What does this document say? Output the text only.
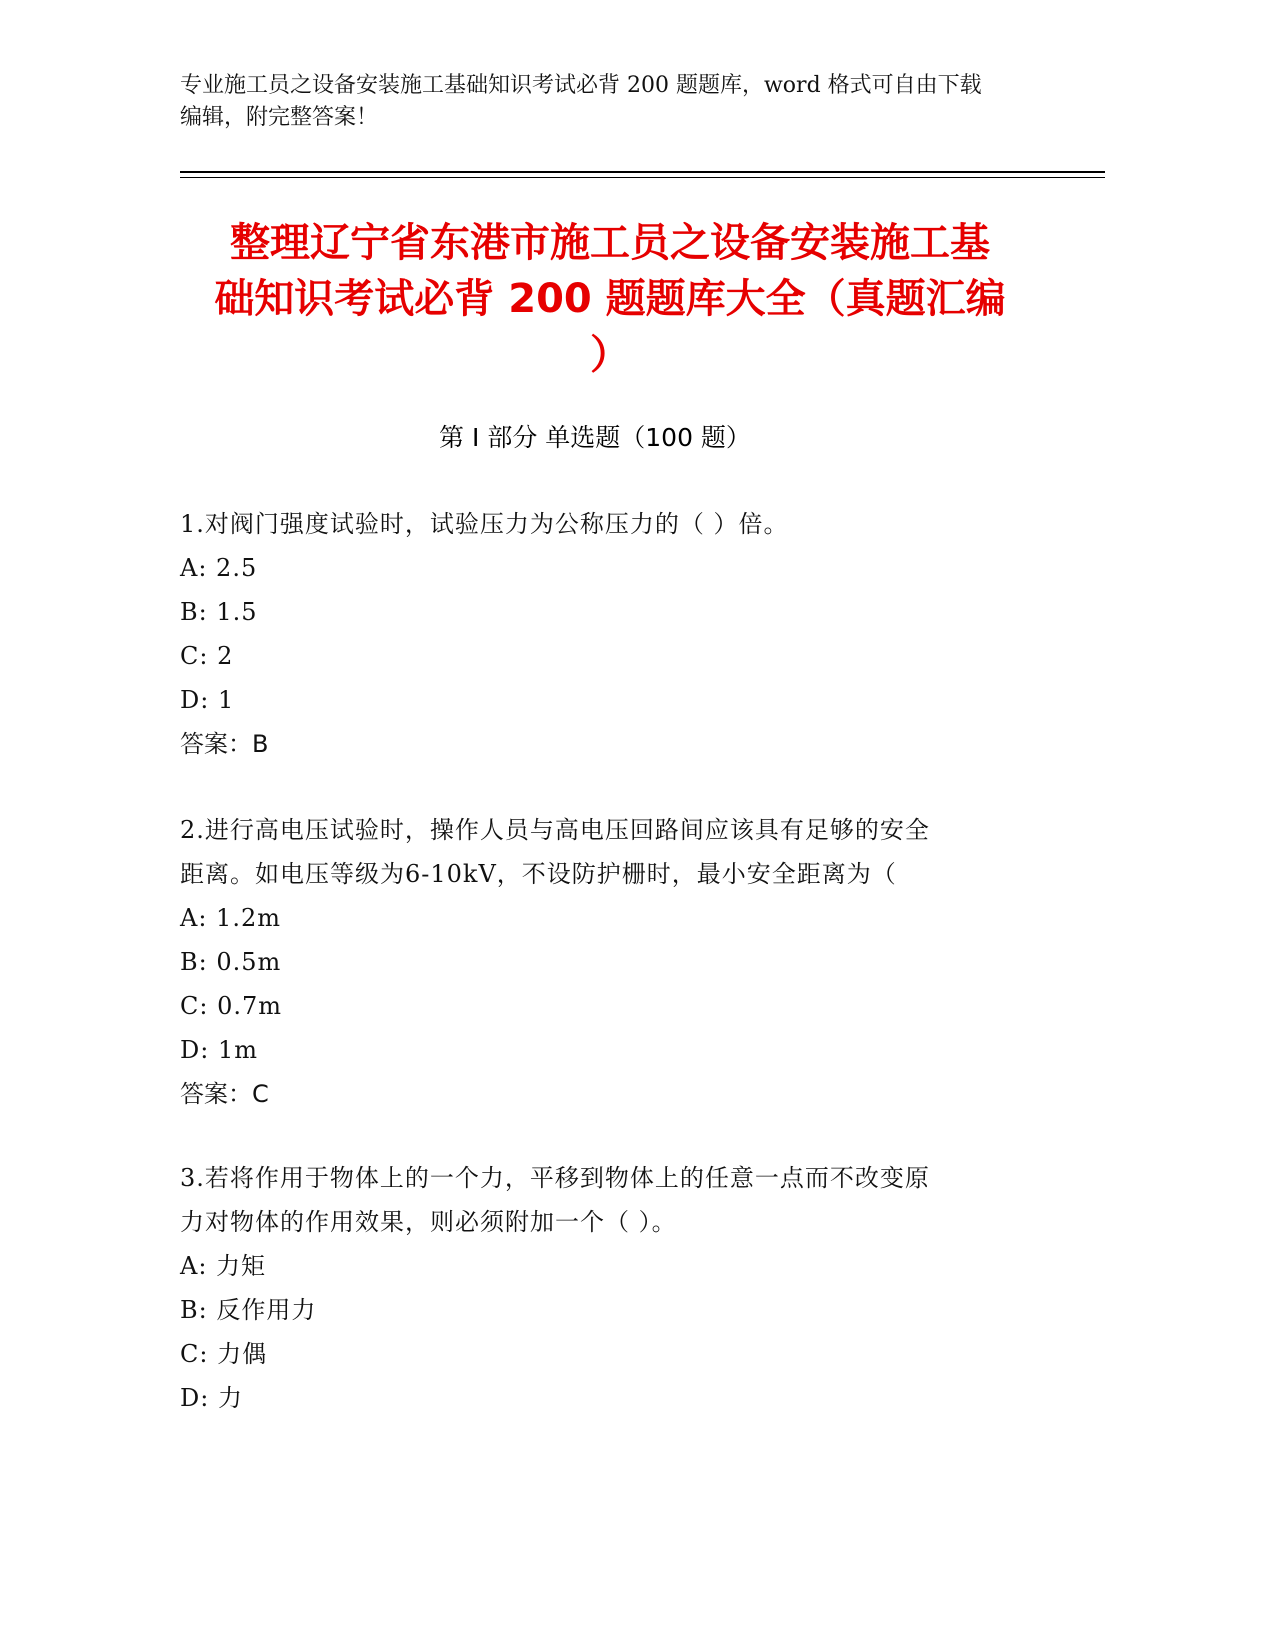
专业施工员之设备安装施工基础知识考试必背 200 题题库，word 格式可自由下载
编辑，附完整答案！
整理辽宁省东港市施工员之设备安装施工基
础知识考试必背 200 题题库大全（真题汇编
）
第 I 部分 单选题（100 题）
1.对阀门强度试验时，试验压力为公称压力的（ ）倍。
A: 2.5
B: 1.5
C: 2
D: 1
答案：B
2.进行高电压试验时，操作人员与高电压回路间应该具有足够的安全
距离。如电压等级为6-10kV，不设防护栅时，最小安全距离为（
A: 1.2m
B: 0.5m
C: 0.7m
D: 1m
答案：C
3.若将作用于物体上的一个力，平移到物体上的任意一点而不改变原
力对物体的作用效果，则必须附加一个（ ）。
A: 力矩
B: 反作用力
C: 力偶
D: 力
